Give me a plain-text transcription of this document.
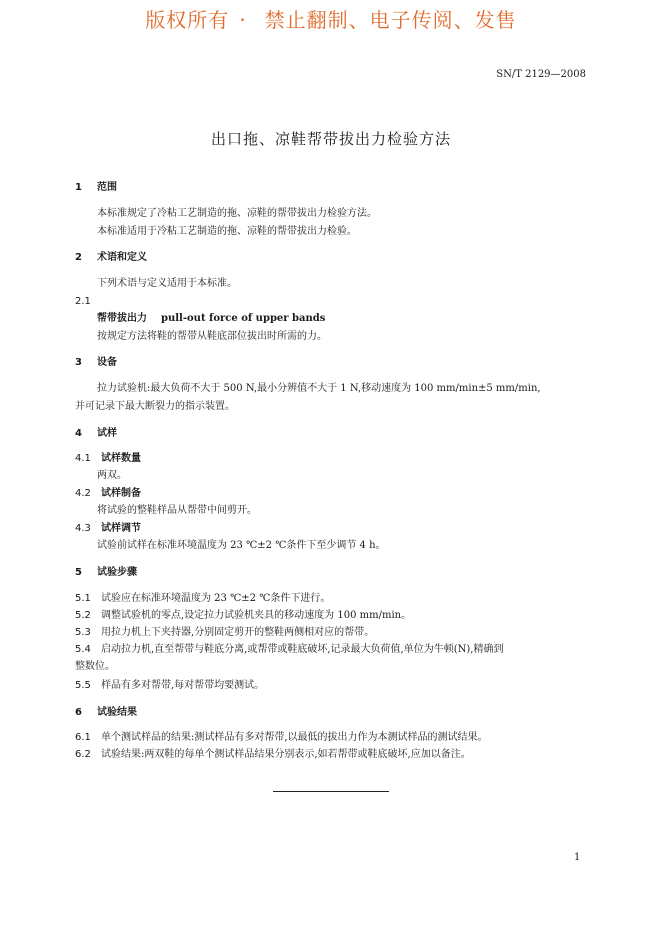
版权所有 · 禁止翻制、电子传阅、发售
SN/T 2129—2008
出口拖、凉鞋帮带拔出力检验方法
1 范围
本标准规定了冷粘工艺制造的拖、凉鞋的帮带拔出力检验方法。
本标准适用于冷粘工艺制造的拖、凉鞋的帮带拔出力检验。
2 术语和定义
下列术语与定义适用于本标准。
2.1
帮带拔出力 pull-out force of upper bands
按规定方法将鞋的帮带从鞋底部位拔出时所需的力。
3 设备
拉力试验机:最大负荷不大于 500 N,最小分辨值不大于 1 N,移动速度为 100 mm/min±5 mm/min,
并可记录下最大断裂力的指示装置。
4 试样
4.1 试样数量
两双。
4.2 试样制备
将试验的整鞋样品从帮带中间剪开。
4.3 试样调节
试验前试样在标准环境温度为 23 ℃±2 ℃条件下至少调节 4 h。
5 试验步骤
5.1 试验应在标准环境温度为 23 ℃±2 ℃条件下进行。
5.2 调整试验机的零点,设定拉力试验机夹具的移动速度为 100 mm/min。
5.3 用拉力机上下夹持器,分别固定剪开的整鞋两侧相对应的帮带。
5.4 启动拉力机,直至帮带与鞋底分离,或帮带或鞋底破坏,记录最大负荷值,单位为牛顿(N),精确到
整数位。
5.5 样品有多对帮带,每对帮带均要测试。
6 试验结果
6.1 单个测试样品的结果:测试样品有多对帮带,以最低的拔出力作为本测试样品的测试结果。
6.2 试验结果:两双鞋的每单个测试样品结果分别表示,如若帮带或鞋底破坏,应加以备注。
1
